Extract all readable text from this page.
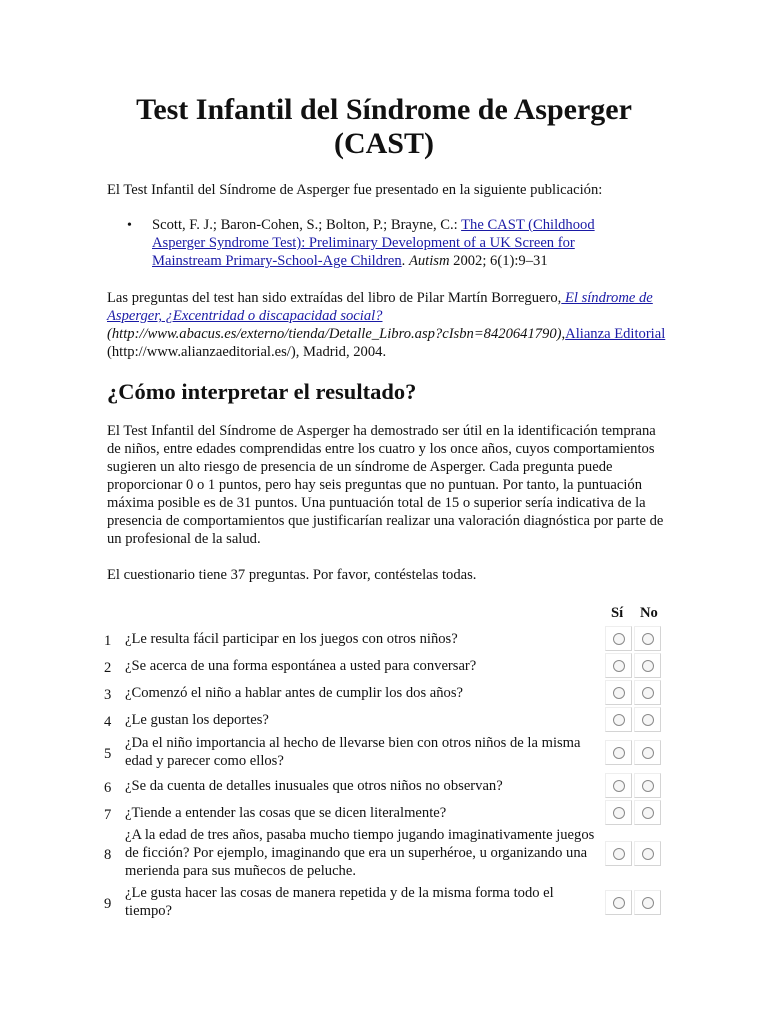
Test Infantil del Síndrome de Asperger (CAST)

El Test Infantil del Síndrome de Asperger fue presentado en la siguiente publicación:

• Scott, F. J.; Baron-Cohen, S.; Bolton, P.; Brayne, C.: The CAST (Childhood Asperger Syndrome Test): Preliminary Development of a UK Screen for Mainstream Primary-School-Age Children. Autism 2002; 6(1):9–31

Las preguntas del test han sido extraídas del libro de Pilar Martín Borreguero, El síndrome de Asperger, ¿Excentridad o discapacidad social?
(http://www.abacus.es/externo/tienda/Detalle_Libro.asp?cIsbn=8420641790),Alianza Editorial (http://www.alianzaeditorial.es/), Madrid, 2004.

¿Cómo interpretar el resultado?

El Test Infantil del Síndrome de Asperger ha demostrado ser útil en la identificación temprana de niños, entre edades comprendidas entre los cuatro y los once años, cuyos comportamientos sugieren un alto riesgo de presencia de un síndrome de Asperger. Cada pregunta puede proporcionar 0 o 1 puntos, pero hay seis preguntas que no puntuan. Por tanto, la puntuación máxima posible es de 31 puntos. Una puntuación total de 15 o superior sería indicativa de la presencia de comportamientos que justificarían realizar una valoración diagnóstica por parte de un profesional de la salud.

El cuestionario tiene 37 preguntas. Por favor, contéstelas todas.

Sí No
1 ¿Le resulta fácil participar en los juegos con otros niños?

2 ¿Se acerca de una forma espontánea a usted para conversar?

3 ¿Comenzó el niño a hablar antes de cumplir los dos años?

4 ¿Le gustan los deportes?

5

¿Da el niño importancia al hecho de llevarse bien con otros niños de la misma edad y parecer como ellos?

6 ¿Se da cuenta de detalles inusuales que otros niños no observan?

7 ¿Tiende a entender las cosas que se dicen literalmente?

8

¿A la edad de tres años, pasaba mucho tiempo jugando imaginativamente juegos de ficción? Por ejemplo, imaginando que era un superhéroe, u organizando una merienda para sus muñecos de peluche.

9

¿Le gusta hacer las cosas de manera repetida y de la misma forma todo el tiempo?
